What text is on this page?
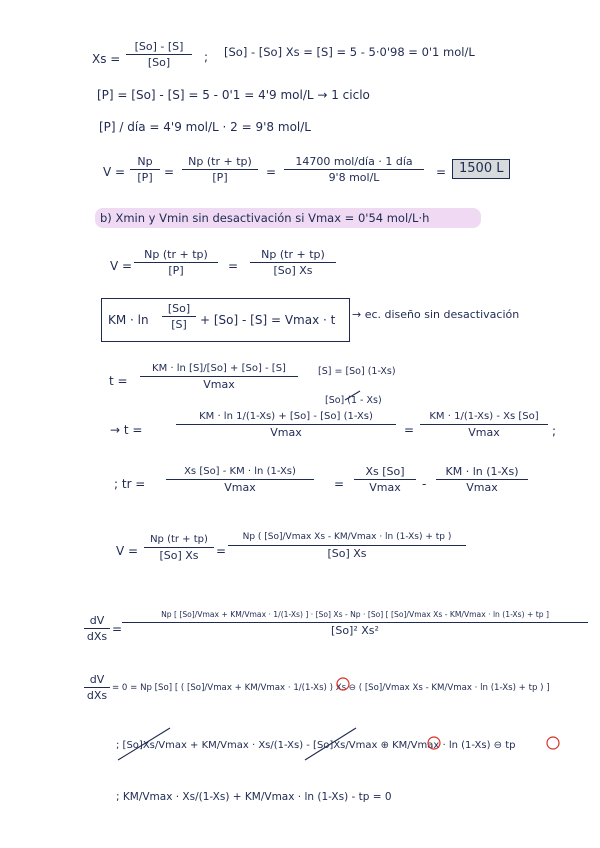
Xs =
[So] - [S]
[So]	; [So] - [So] Xs = [S] = 5 - 5·0'98 = 0'1 mol/L
[P] = [So] - [S] = 5 - 0'1 = 4'9 mol/L → 1 ciclo
[P] / día = 4'9 mol/L · 2 = 9'8 mol/L
V =
Np
[P] =
Np (tr + tp)
[P]	=
14700 mol/día · 1 día
9'8 mol/L	= 1500 L
b) Xmin y Vmin sin desactivación si Vmax = 0'54 mol/L·h
V =
Np (tr + tp)
[P]	=
Np (tr + tp)
[So] Xs
KM · ln
[So]
[S]	+ [So] - [S] = Vmax · t → ec. diseño sin desactivación
t =
KM · ln [S]/[So] + [So] - [S]
Vmax
[S] = [So] (1-Xs)
[So] (1 - Xs)
→ t =
KM · ln 1/(1-Xs) + [So] - [So] (1-Xs)
Vmax	=
KM · 1/(1-Xs) - Xs [So]
Vmax	;
; tr =
Xs [So] - KM · ln (1-Xs)
Vmax	=
Xs [So]
Vmax	-
KM · ln (1-Xs)
Vmax
V =
Np (tr + tp)
[So] Xs	=
Np ( [So]/Vmax Xs - KM/Vmax · ln (1-Xs) + tp )
[So] Xs
dV
dXs
=
Np [ [So]/Vmax + KM/Vmax · 1/(1-Xs) ] · [So] Xs - Np · [So] [ [So]/Vmax Xs - KM/Vmax · ln (1-Xs) + tp ]
[So]² Xs²
dV
dXs
= 0 = Np [So] [ ( [So]/Vmax + KM/Vmax · 1/(1-Xs) ) Xs ⊖ ( [So]/Vmax Xs - KM/Vmax · ln (1-Xs) + tp ) ]
; [So]Xs/Vmax + KM/Vmax · Xs/(1-Xs) - [So]Xs/Vmax ⊕ KM/Vmax · ln (1-Xs) ⊖ tp
; KM/Vmax · Xs/(1-Xs) + KM/Vmax · ln (1-Xs) - tp = 0
